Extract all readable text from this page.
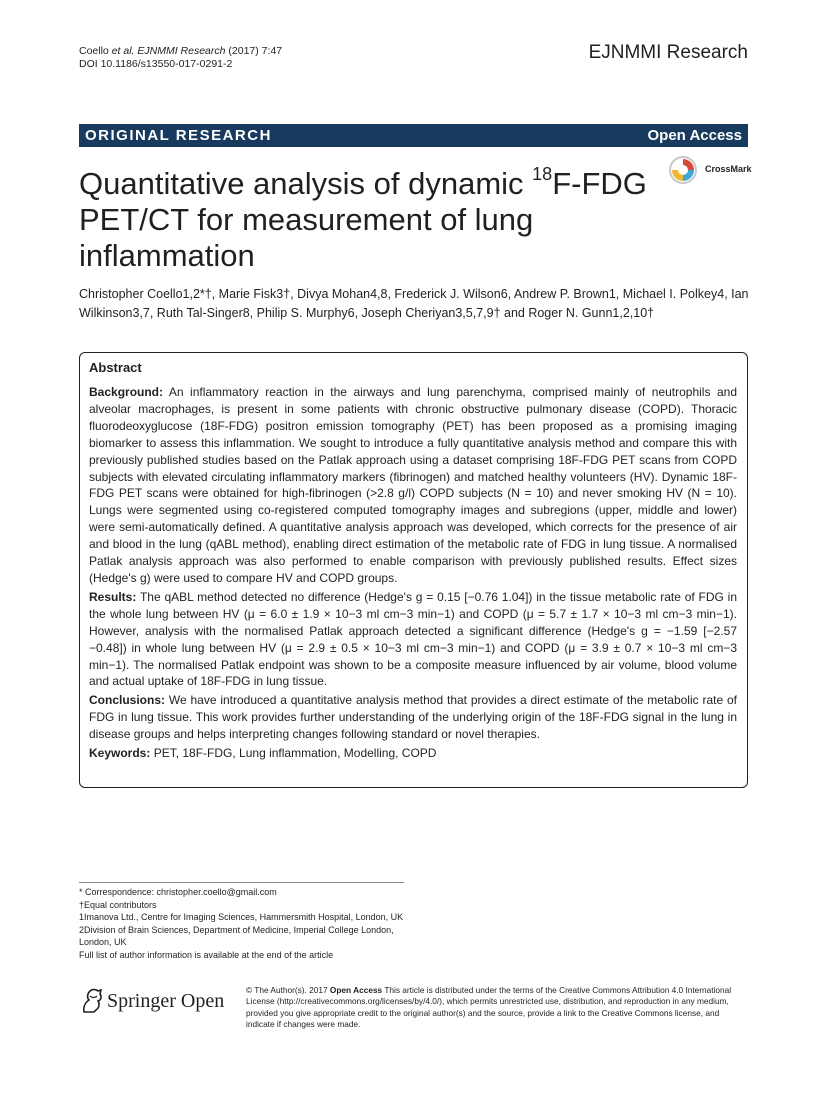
Coello et al. EJNMMI Research (2017) 7:47
DOI 10.1186/s13550-017-0291-2
EJNMMI Research
ORIGINAL RESEARCH	Open Access
CrossMark
Quantitative analysis of dynamic $^{18}$F-FDG PET/CT for measurement of lung inflammation
Christopher Coello1,2*†, Marie Fisk3†, Divya Mohan4,8, Frederick J. Wilson6, Andrew P. Brown1, Michael I. Polkey4, Ian Wilkinson3,7, Ruth Tal-Singer8, Philip S. Murphy6, Joseph Cheriyan3,5,7,9† and Roger N. Gunn1,2,10†
Abstract

Background: An inflammatory reaction in the airways and lung parenchyma, comprised mainly of neutrophils and alveolar macrophages, is present in some patients with chronic obstructive pulmonary disease (COPD). Thoracic fluorodeoxyglucose (18F-FDG) positron emission tomography (PET) has been proposed as a promising imaging biomarker to assess this inflammation. We sought to introduce a fully quantitative analysis method and compare this with previously published studies based on the Patlak approach using a dataset comprising 18F-FDG PET scans from COPD subjects with elevated circulating inflammatory markers (fibrinogen) and matched healthy volunteers (HV). Dynamic 18F-FDG PET scans were obtained for high-fibrinogen (>2.8 g/l) COPD subjects (N = 10) and never smoking HV (N = 10). Lungs were segmented using co-registered computed tomography images and subregions (upper, middle and lower) were semi-automatically defined. A quantitative analysis approach was developed, which corrects for the presence of air and blood in the lung (qABL method), enabling direct estimation of the metabolic rate of FDG in lung tissue. A normalised Patlak analysis approach was also performed to enable comparison with previously published results. Effect sizes (Hedge's g) were used to compare HV and COPD groups.

Results: The qABL method detected no difference (Hedge's g = 0.15 [−0.76 1.04]) in the tissue metabolic rate of FDG in the whole lung between HV (μ = 6.0 ± 1.9 × 10−3 ml cm−3 min−1) and COPD (μ = 5.7 ± 1.7 × 10−3 ml cm−3 min−1). However, analysis with the normalised Patlak approach detected a significant difference (Hedge's g = −1.59 [−2.57 −0.48]) in whole lung between HV (μ = 2.9 ± 0.5 × 10−3 ml cm−3 min−1) and COPD (μ = 3.9 ± 0.7 × 10−3 ml cm−3 min−1). The normalised Patlak endpoint was shown to be a composite measure influenced by air volume, blood volume and actual uptake of 18F-FDG in lung tissue.

Conclusions: We have introduced a quantitative analysis method that provides a direct estimate of the metabolic rate of FDG in lung tissue. This work provides further understanding of the underlying origin of the 18F-FDG signal in the lung in disease groups and helps interpreting changes following standard or novel therapies.

Keywords: PET, 18F-FDG, Lung inflammation, Modelling, COPD

* Correspondence: christopher.coello@gmail.com

†Equal contributors

1Imanova Ltd., Centre for Imaging Sciences, Hammersmith Hospital, London, UK

2Division of Brain Sciences, Department of Medicine, Imperial College London, London, UK

Full list of author information is available at the end of the article

Springer Open	© The Author(s). 2017 Open Access This article is distributed under the terms of the Creative Commons Attribution 4.0 International License (http://creativecommons.org/licenses/by/4.0/), which permits unrestricted use, distribution, and reproduction in any medium, provided you give appropriate credit to the original author(s) and the source, provide a link to the Creative Commons license, and indicate if changes were made.
